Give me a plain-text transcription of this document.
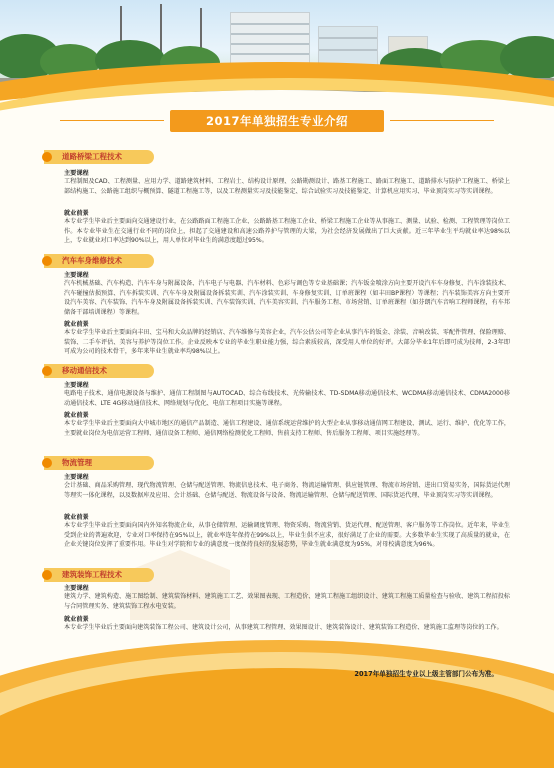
2017年单独招生专业介绍
道路桥梁工程技术
主要课程
工程制图及CAD、工程测量、应用力学、道路建筑材料、工程岩土、结构设计原理、公路勘测设计、路基工程施工、路面工程施工、道路排水与防护工程施工、桥梁上部结构施工、公路施工组织与概预算、隧道工程施工等，以及工程测量实习及技能鉴定、综合试验实习及技能鉴定、计算机应用实习、毕业顶岗实习等实训课程。
就业前景
本专业学生毕业后主要面向交通建设行业，在公路路面工程施工企业、公路路基工程施工企业、桥梁工程施工企业等从事施工、测量、试验、检测、工程管理等岗位工作。本专业毕业生在交通行业不同的岗位上，担起了交通建设和高速公路养护与管理的大梁，为社会经济发展做出了巨大贡献。近三年毕业生平均就业率达98%以上，专业就业对口率达到90%以上，用人单位对毕业生的满意度超过95%。
汽车车身维修技术
主要课程
汽车机械基础、汽车构造、汽车车身与附属设备、汽车电子与电器、汽车材料、色彩与调色等专业基础课；汽车钣金喷涂方向主要开设汽车车身修复、汽车涂装技术、汽车碰撞估损预算、汽车拆装实训、汽车车身及附属设备拆装实训、汽车涂装实训、车身修复实训、订单班课程（如丰田BP课程）等课程；汽车装饰美容方向主要开设汽车美容、汽车装饰、汽车车身及附属设备拆装实训、汽车装饰实训、汽车美容实训、汽车服务工程、市场营销、订单班课程（如芬朗汽车音响工程师课程，有车邦储备干部培训课程）等课程。
就业前景
本专业学生毕业后主要面向丰田、宝马和大众品牌的经销店、汽车维修与美容企业，汽车公估公司等企业从事汽车的钣金、涂装、音响改装、零配件管理、保险理赔、装饰、二手车评估、美容与养护等岗位工作。企业反映本专业的毕业生职业能力强，综合素质较高，深受用人单位的好评。大部分毕业1年后即可成为技师，2-3年即可成为公司的技术骨干，多年来毕业生就业率均98%以上。
移动通信技术
主要课程
电路电子技术、通信电源设备与维护、通信工程制图与AUTOCAD、综合布线技术、光传输技术、TD-SDMA移动通信技术、WCDMA移动通信技术、CDMA2000移动通信技术、LTE 4G移动通信技术、网络规划与优化、电信工程项目实施等课程。
就业前景
本专业学生毕业后主要面向大中城市地区的通信产品制造、通信工程建设、通信系统运营维护的大型企业从事移动通信网工程建设、测试、运行、维护、优化等工作，主要就业岗位为电信运营工程师、通信设备工程师、通信网络检测优化工程师、售前支持工程师、售后服务工程师、项目实施经理等。
物流管理
主要课程
会计基础、商品采购管理、现代物流管理、仓储与配送管理、物流信息技术、电子商务、物流运输管理、供应链管理、物流市场营销、进出口贸易实务，国际货运代理等理实一体化课程，以及数据库及应用、会计基础、仓储与配送、物流设备与设备、物流运输管理、仓储与配送管理、国际货运代理、毕业顶岗实习等实训课程。
就业前景
本专业学生毕业后主要面向国内外知名物流企业，从事仓储管理、运输调度管理、物资采购、物流营销、货运代理、配送管理、客户服务等工作岗位。近年来，毕业生受到企业的普遍欢迎，专业对口率保持在95%以上，就业率连年保持在99%以上，毕业生供不应求，很好满足了企业的需要。大多数毕业生实现了高质量的就业，在企业关键岗位发挥了重要作用。毕业生对学院和专业的满意度一度保持良好的发展态势，毕业生就业满意度为95%，对母校满意度为96%。
建筑装饰工程技术
主要课程
建筑力学、建筑构造、施工图绘制、建筑装饰材料、建筑施工工艺、效果图表现、工程造价、建筑工程施工组织设计、建筑工程施工质量检查与验收、建筑工程招投标与合同管理实务、建筑装饰工程水电安装。
就业前景
本专业学生毕业后主要面向建筑装饰工程公司、建筑设计公司，从事建筑工程管理、效果图设计、建筑装饰设计、建筑装饰工程造价、建筑施工监理等岗位的工作。
2017年单独招生专业以上级主管部门公布为准。
